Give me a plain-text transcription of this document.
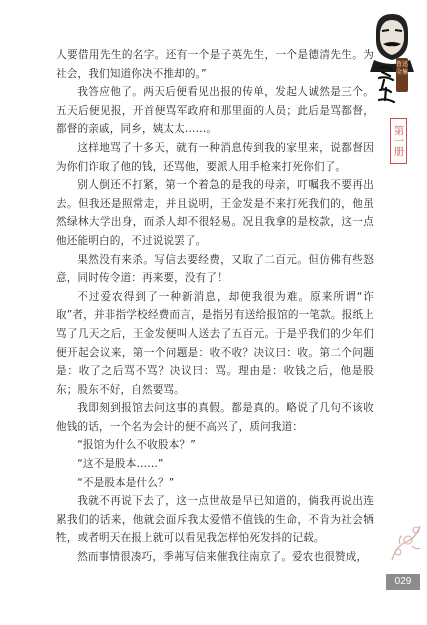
鲁迅全集
第一册

人要借用先生的名字。还有一个是子英先生，一个是德清先生。为社会，我们知道你决不推却的。”

我答应他了。两天后便看见出报的传单，发起人诚然是三个。五天后便见报，开首便骂军政府和那里面的人员；此后是骂都督，都督的亲戚，同乡，姨太太……。

这样地骂了十多天，就有一种消息传到我的家里来，说都督因为你们诈取了他的钱，还骂他，要派人用手枪来打死你们了。

别人倒还不打紧，第一个着急的是我的母亲，叮嘱我不要再出去。但我还是照常走，并且说明，王金发是不来打死我们的，他虽然绿林大学出身，而杀人却不很轻易。况且我拿的是校款，这一点他还能明白的，不过说说罢了。

果然没有来杀。写信去要经费，又取了二百元。但仿佛有些怒意，同时传令道：再来要，没有了！

不过爱农得到了一种新消息，却使我很为难。原来所谓“诈取”者，并非指学校经费而言，是指另有送给报馆的一笔款。报纸上骂了几天之后，王金发便叫人送去了五百元。于是乎我们的少年们便开起会议来，第一个问题是：收不收？决议曰：收。第二个问题是：收了之后骂不骂？决议曰：骂。理由是：收钱之后，他是股东；股东不好，自然要骂。

我即刻到报馆去问这事的真假。都是真的。略说了几句不该收他钱的话，一个名为会计的便不高兴了，质问我道：

“报馆为什么不收股本？”

“这不是股本……”

“不是股本是什么？”

我就不再说下去了，这一点世故是早已知道的，倘我再说出连累我们的话来，他就会面斥我太爱惜不值钱的生命，不肯为社会牺牲，或者明天在报上就可以看见我怎样怕死发抖的记载。

然而事情很凑巧，季茀写信来催我往南京了。爱农也很赞成，

029
